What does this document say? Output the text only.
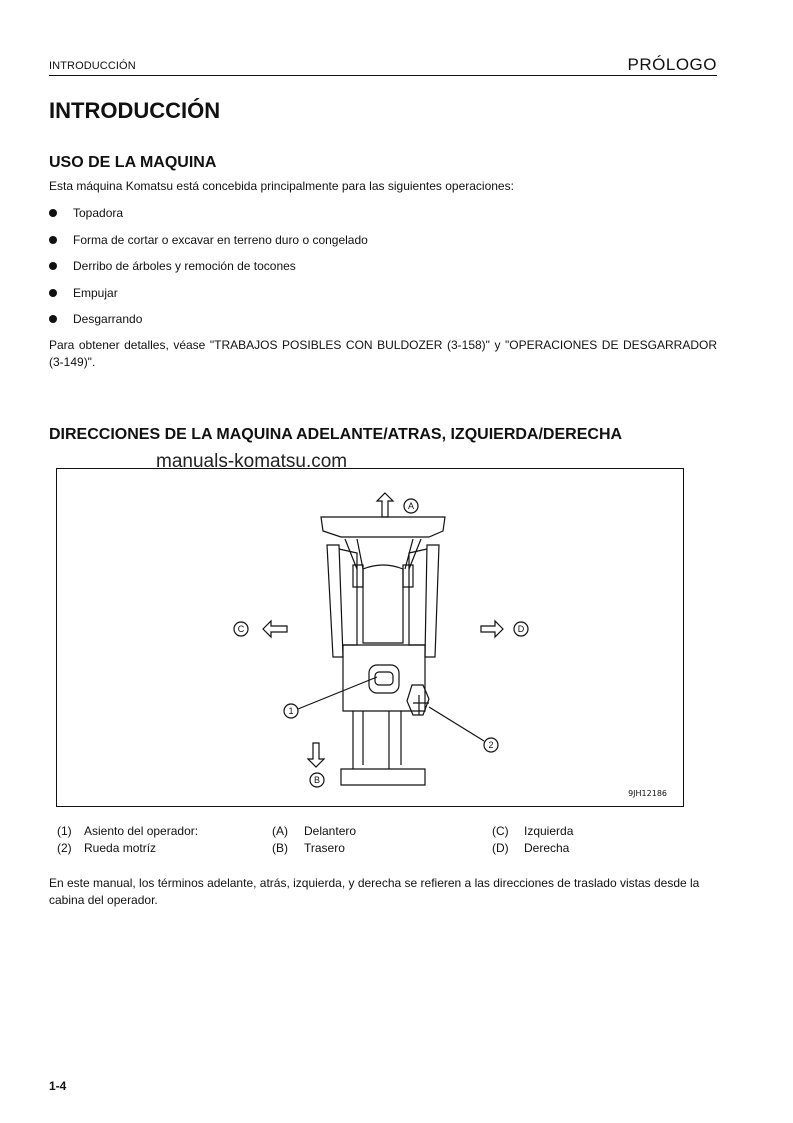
INTRODUCCIÓN	PRÓLOGO
INTRODUCCIÓN
USO DE LA MAQUINA
Esta máquina Komatsu está concebida principalmente para las siguientes operaciones:
Topadora
Forma de cortar o excavar en terreno duro o congelado
Derribo de árboles y remoción de tocones
Empujar
Desgarrando
Para obtener detalles, véase "TRABAJOS POSIBLES CON BULDOZER (3-158)" y "OPERACIONES DE DESGARRADOR (3-149)".
DIRECCIONES DE LA MAQUINA ADELANTE/ATRAS, IZQUIERDA/DERECHA
manuals-komatsu.com
A
B
C	D
1
2
9JH12186
(1)	Asiento del operador:	(A)	Delantero	(C)	Izquierda
(2)	Rueda motríz	(B)	Trasero	(D)	Derecha
En este manual, los términos adelante, atrás, izquierda, y derecha se refieren a las direcciones de traslado vistas desde la cabina del operador.
1-4
